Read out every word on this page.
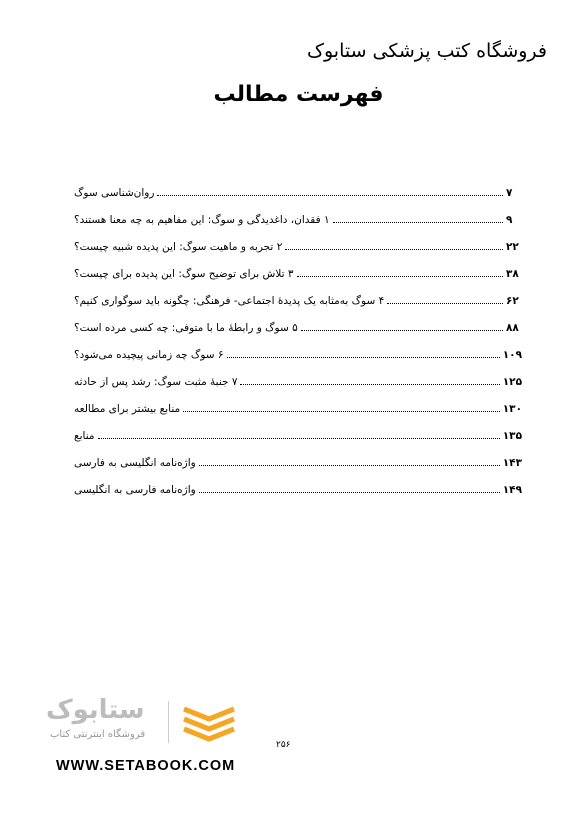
فروشگاه کتب پزشکی ستابوک
فهرست مطالب
روان‌شناسی سوگ	۷
۱ فقدان، داغدیدگی و سوگ: این مفاهیم به چه معنا هستند؟	۹
۲ تجربه و ماهیت سوگ: این پدیده شبیه چیست؟	۲۲
۳ تلاش برای توضیح سوگ: این پدیده برای چیست؟	۳۸
۴ سوگ به‌مثابه یک پدیدۀ اجتماعی- فرهنگی: چگونه باید سوگواری کنیم؟	۶۲
۵ سوگ و رابطۀ ما با متوفی: چه کسی مرده است؟	۸۸
۶ سوگ چه زمانی پیچیده می‌شود؟	۱۰۹
۷ جنبۀ مثبت سوگ: رشد پس از حادثه	۱۲۵
منابع بیشتر برای مطالعه	۱۳۰
منابع	۱۳۵
واژه‌نامه انگلیسی به فارسی	۱۴۳
واژه‌نامه فارسی به انگلیسی	۱۴۹
ستابوک
فروشگاه اینترنتی کتاب
۲۵۶
WWW.SETABOOK.COM
